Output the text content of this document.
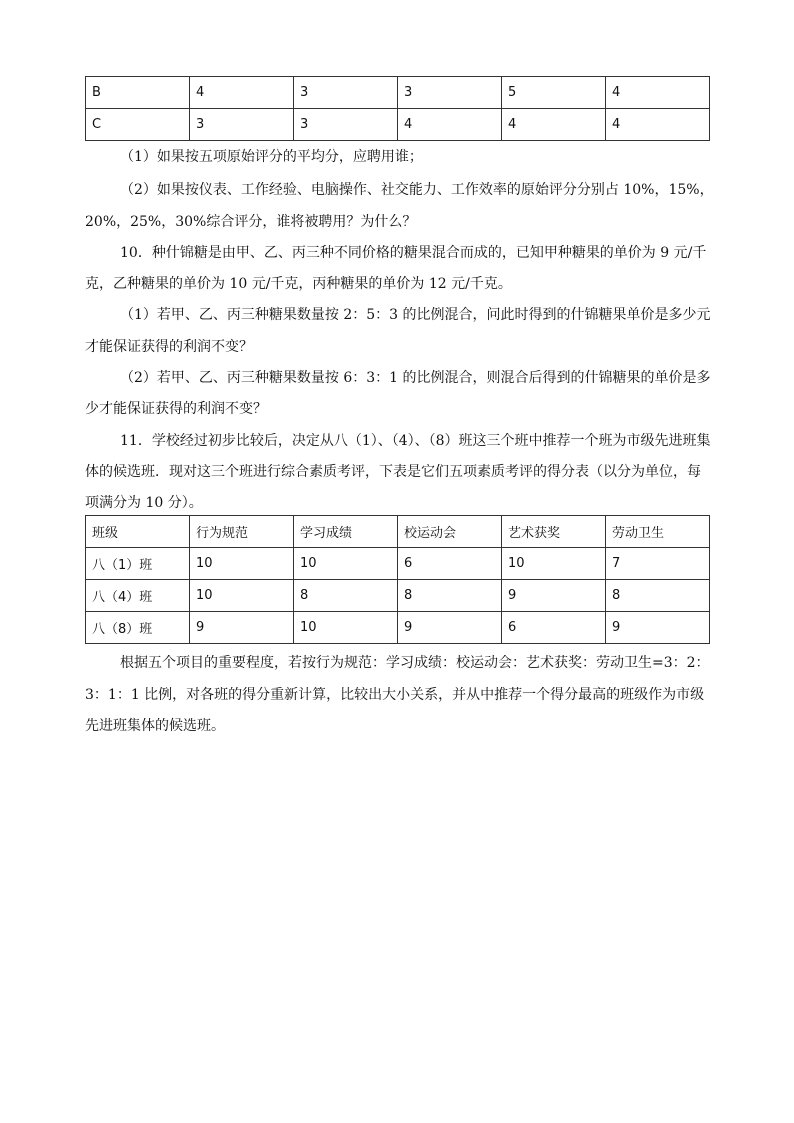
B	4	3	3	5	4
C	3	3	4	4	4

（1）如果按五项原始评分的平均分，应聘用谁；

（2）如果按仪表、工作经验、电脑操作、社交能力、工作效率的原始评分分别占 10%，15%，

20%，25%，30%综合评分，谁将被聘用？为什么？

10．种什锦糖是由甲、乙、丙三种不同价格的糖果混合而成的，已知甲种糖果的单价为 9 元/千

克，乙种糖果的单价为 10 元/千克，丙种糖果的单价为 12 元/千克。

（1）若甲、乙、丙三种糖果数量按 2：5：3 的比例混合，问此时得到的什锦糖果单价是多少元

才能保证获得的利润不变？

（2）若甲、乙、丙三种糖果数量按 6：3：1 的比例混合，则混合后得到的什锦糖果的单价是多

少才能保证获得的利润不变？

11．学校经过初步比较后，决定从八（1）、（4）、（8）班这三个班中推荐一个班为市级先进班集

体的候选班．现对这三个班进行综合素质考评，下表是它们五项素质考评的得分表（以分为单位，每

项满分为 10 分）。

班级	行为规范	学习成绩	校运动会	艺术获奖	劳动卫生
八（1）班	10	10	6	10	7
八（4）班	10	8	8	9	8
八（8）班	9	10	9	6	9

根据五个项目的重要程度，若按行为规范：学习成绩：校运动会：艺术获奖：劳动卫生=3：2：

3：1：1 比例，对各班的得分重新计算，比较出大小关系，并从中推荐一个得分最高的班级作为市级

先进班集体的候选班。
